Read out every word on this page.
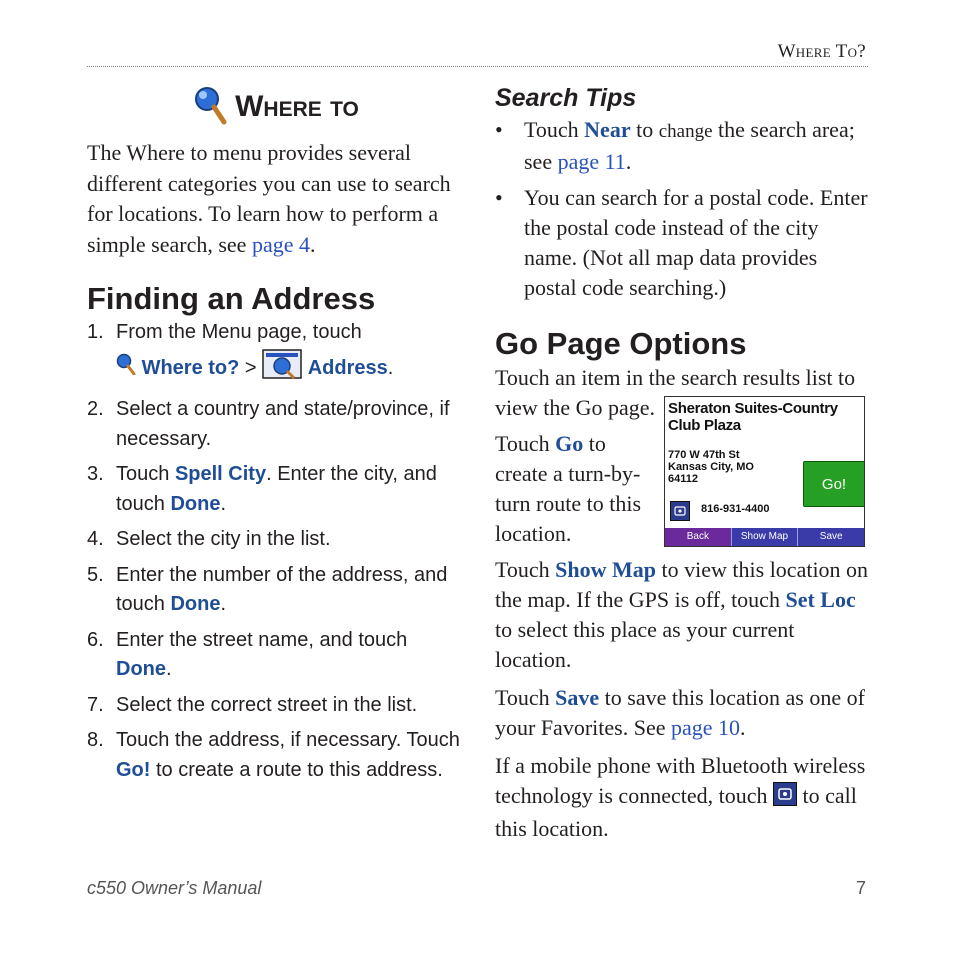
Where To?
Where to

The Where to menu provides several different categories you can use to search for locations. To learn how to perform a simple search, see page 4.

Finding an Address
1. From the Menu page, touch
Where to? >	Address.
2. Select a country and state/province, if necessary.
3. Touch Spell City. Enter the city, and touch Done.
4. Select the city in the list.
5. Enter the number of the address, and touch Done.
6. Enter the street name, and touch Done.
7. Select the correct street in the list.
8. Touch the address, if necessary. Touch Go! to create a route to this address.
Search Tips
• Touch Near to change the search area; see page 11.
• You can search for a postal code. Enter the postal code instead of the city name. (Not all map data provides postal code searching.)
Go Page Options

Touch an item in the search results list to view the Go page.

Touch Go to create a turn-by-turn route to this location.

Touch Show Map to view this location on the map. If the GPS is off, touch Set Loc to select this place as your current location.

Touch Save to save this location as one of your Favorites. See page 10.

If a mobile phone with Bluetooth wireless technology is connected, touch  to call this location.

Sheraton Suites-Country Club Plaza
770 W 47th St
Kansas City, MO
64112	Go!
816-931-4400
Back	Show Map	Save
c550 Owner’s Manual	7
